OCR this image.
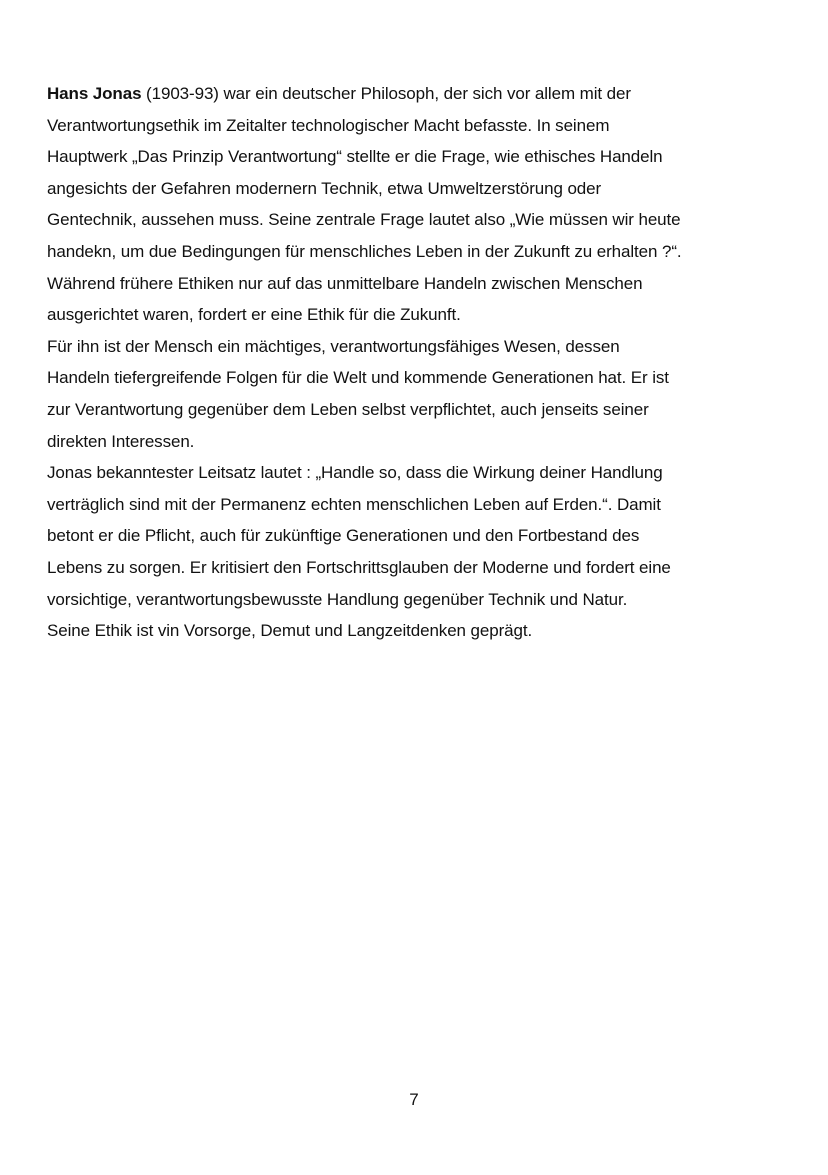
Hans Jonas (1903-93) war ein deutscher Philosoph, der sich vor allem mit der
Verantwortungsethik im Zeitalter technologischer Macht befasste. In seinem
Hauptwerk „Das Prinzip Verantwortung“ stellte er die Frage, wie ethisches Handeln
angesichts der Gefahren modernern Technik, etwa Umweltzerstörung oder
Gentechnik, aussehen muss. Seine zentrale Frage lautet also „Wie müssen wir heute
handekn, um due Bedingungen für menschliches Leben in der Zukunft zu erhalten ?“.
Während frühere Ethiken nur auf das unmittelbare Handeln zwischen Menschen
ausgerichtet waren, fordert er eine Ethik für die Zukunft.
Für ihn ist der Mensch ein mächtiges, verantwortungsfähiges Wesen, dessen
Handeln tiefergreifende Folgen für die Welt und kommende Generationen hat. Er ist
zur Verantwortung gegenüber dem Leben selbst verpflichtet, auch jenseits seiner
direkten Interessen.
Jonas bekanntester Leitsatz lautet : „Handle so, dass die Wirkung deiner Handlung
verträglich sind mit der Permanenz echten menschlichen Leben auf Erden.“. Damit
betont er die Pflicht, auch für zukünftige Generationen und den Fortbestand des
Lebens zu sorgen. Er kritisiert den Fortschrittsglauben der Moderne und fordert eine
vorsichtige, verantwortungsbewusste Handlung gegenüber Technik und Natur.
Seine Ethik ist vin Vorsorge, Demut und Langzeitdenken geprägt.
7
